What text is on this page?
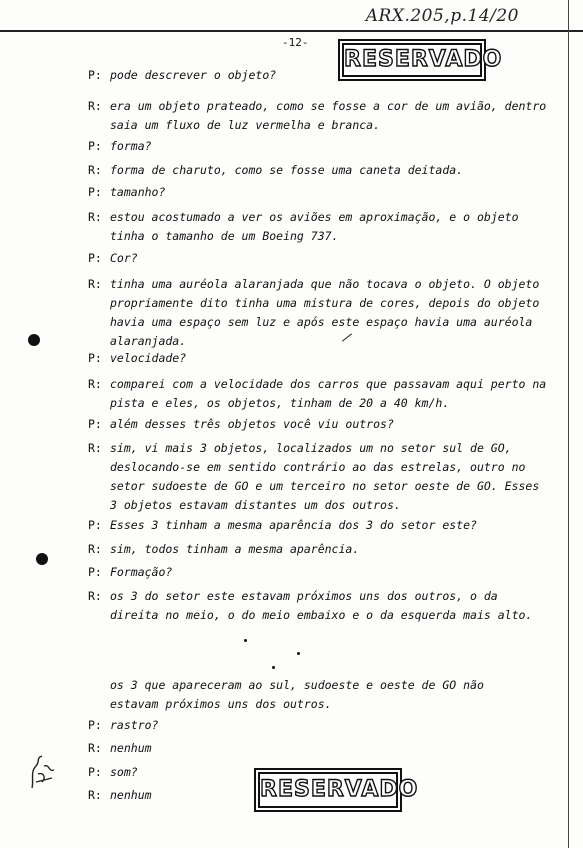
ARX.205,p.14/20
-12-
RESERVADO
P: pode descrever o objeto?
R: era um objeto prateado, como se fosse a cor de um avião, dentro saia um fluxo de luz vermelha e branca.
P: forma?
R: forma de charuto, como se fosse uma caneta deitada.
P: tamanho?
R: estou acostumado a ver os aviões em aproximação, e o objeto tinha o tamanho de um Boeing 737.
P: Cor?
R: tinha uma auréola alaranjada que não tocava o objeto. O objeto propriamente dito tinha uma mistura de cores, depois do objeto havia uma espaço sem luz e após este espaço havia uma auréola alaranjada.
P: velocidade?
R: comparei com a velocidade dos carros que passavam aqui perto na pista e eles, os objetos, tinham de 20 a 40 km/h.
P: além desses três objetos você viu outros?
R: sim, vi mais 3 objetos, localizados um no setor sul de GO, deslocando-se em sentido contrário ao das estrelas, outro no setor sudoeste de GO e um terceiro no setor oeste de GO. Esses 3 objetos estavam distantes um dos outros.
P: Esses 3 tinham a mesma aparência dos 3 do setor este?
R: sim, todos tinham a mesma aparência.
P: Formação?
R: os 3 do setor este estavam próximos uns dos outros, o da direita no meio, o do meio embaixo e o da esquerda mais alto.
os 3 que apareceram ao sul, sudoeste e oeste de GO não estavam próximos uns dos outros.
P: rastro?
R: nenhum
P: som?
R: nenhum	RESERVADO
